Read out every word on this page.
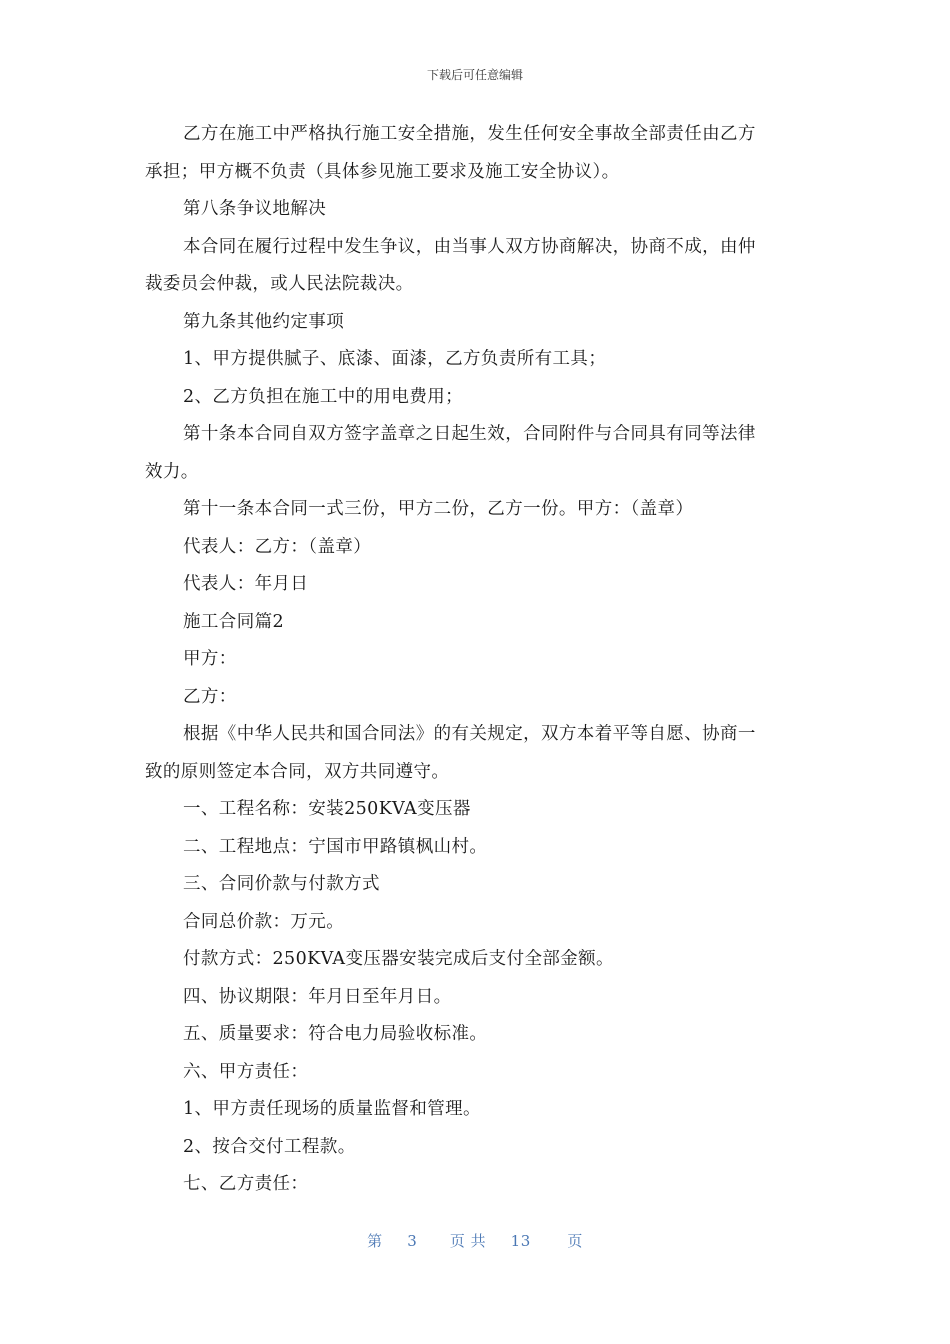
下载后可任意编辑
乙方在施工中严格执行施工安全措施，发生任何安全事故全部责任由乙方
承担；甲方概不负责（具体参见施工要求及施工安全协议）。
第八条争议地解决
本合同在履行过程中发生争议，由当事人双方协商解决，协商不成，由仲
裁委员会仲裁，或人民法院裁决。
第九条其他约定事项
1、甲方提供腻子、底漆、面漆，乙方负责所有工具；
2、乙方负担在施工中的用电费用；
第十条本合同自双方签字盖章之日起生效，合同附件与合同具有同等法律
效力。
第十一条本合同一式三份，甲方二份，乙方一份。甲方：（盖章）
代表人：乙方：（盖章）
代表人：年月日
施工合同篇2
甲方：
乙方：
根据《中华人民共和国合同法》的有关规定，双方本着平等自愿、协商一
致的原则签定本合同，双方共同遵守。
一、工程名称：安装250KVA变压器
二、工程地点：宁国市甲路镇枫山村。
三、合同价款与付款方式
合同总价款：万元。
付款方式：250KVA变压器安装完成后支付全部金额。
四、协议期限：年月日至年月日。
五、质量要求：符合电力局验收标准。
六、甲方责任：
1、甲方责任现场的质量监督和管理。
2、按合交付工程款。
七、乙方责任：
第 3 页 共 13 页
